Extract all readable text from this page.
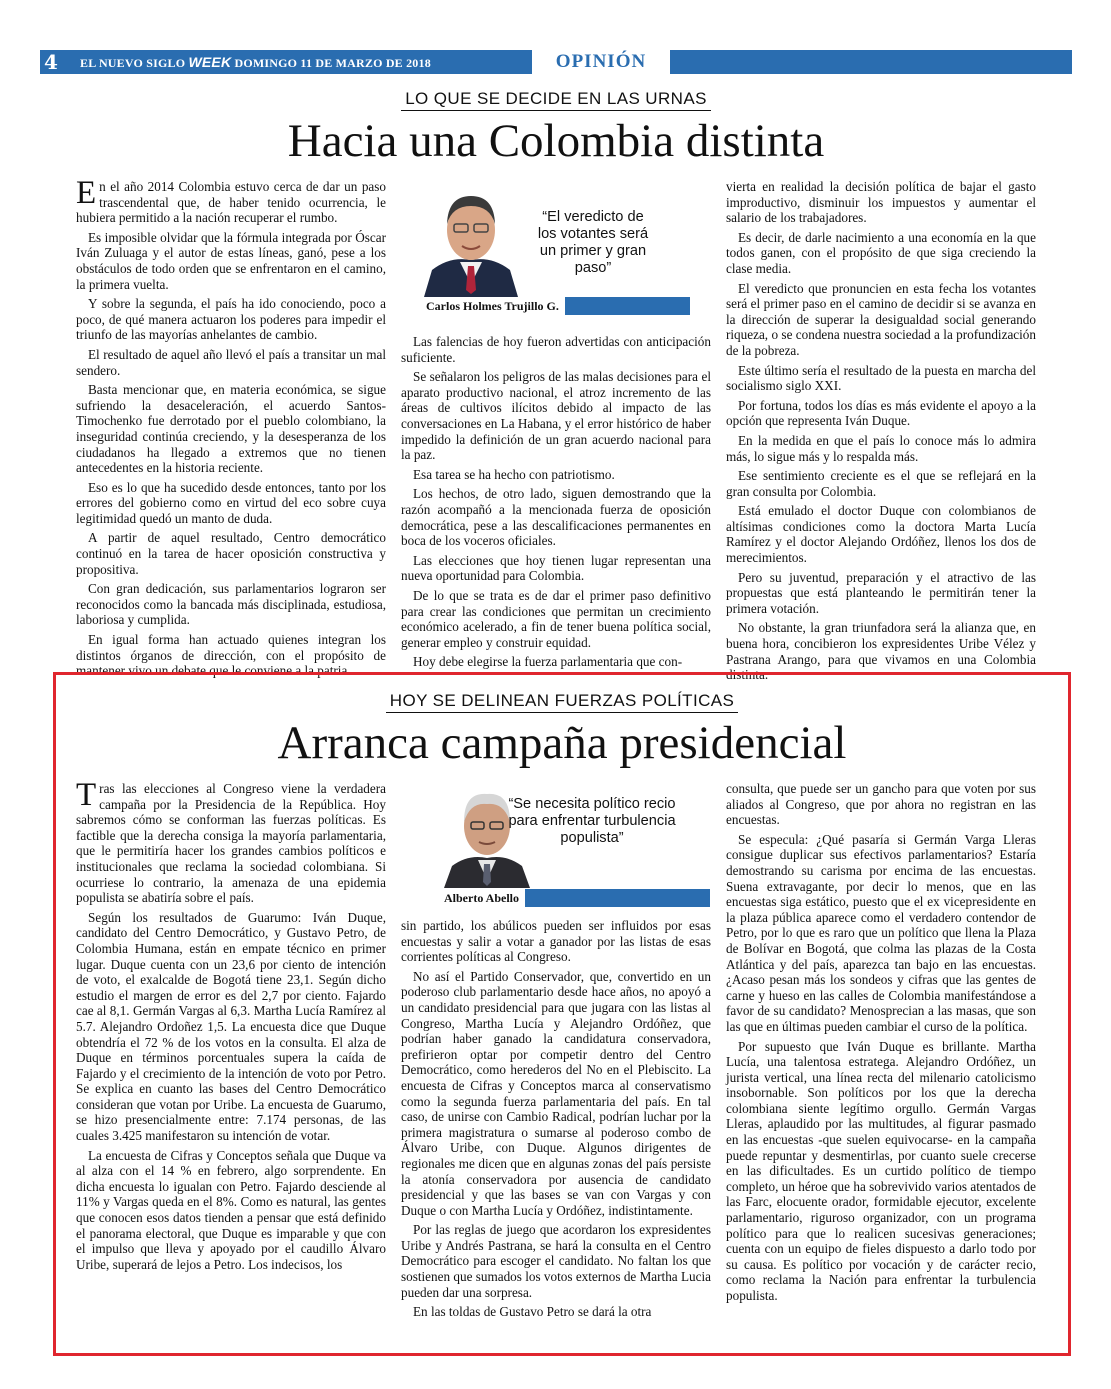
4 EL NUEVO SIGLO WEEK DOMINGO 11 DE MARZO DE 2018	OPINIÓN
LO QUE SE DECIDE EN LAS URNAS
Hacia una Colombia distinta

En el año 2014 Colombia estuvo cerca de dar un paso trascendental que, de haber tenido ocurrencia, le hubiera permitido a la nación recuperar el rumbo.

Es imposible olvidar que la fórmula integrada por Óscar Iván Zuluaga y el autor de estas líneas, ganó, pese a los obstáculos de todo orden que se enfrentaron en el camino, la primera vuelta.

Y sobre la segunda, el país ha ido conociendo, poco a poco, de qué manera actuaron los poderes para impedir el triunfo de las mayorías anhelantes de cambio.

El resultado de aquel año llevó el país a transitar un mal sendero.

Basta mencionar que, en materia económica, se sigue sufriendo la desaceleración, el acuerdo Santos-Timochenko fue derrotado por el pueblo colombiano, la inseguridad continúa creciendo, y la desesperanza de los ciudadanos ha llegado a extremos que no tienen antecedentes en la historia reciente.

Eso es lo que ha sucedido desde entonces, tanto por los errores del gobierno como en virtud del eco sobre cuya legitimidad quedó un manto de duda.

A partir de aquel resultado, Centro democrático continuó en la tarea de hacer oposición constructiva y propositiva.

Con gran dedicación, sus parlamentarios lograron ser reconocidos como la bancada más disciplinada, estudiosa, laboriosa y cumplida.

En igual forma han actuado quienes integran los distintos órganos de dirección, con el propósito de mantener vivo un debate que le conviene a la patria.

“El veredicto de los votantes será un primer y gran paso”
Carlos Holmes Trujillo G.

Las falencias de hoy fueron advertidas con anticipación suficiente.

Se señalaron los peligros de las malas decisiones para el aparato productivo nacional, el atroz incremento de las áreas de cultivos ilícitos debido al impacto de las conversaciones en La Habana, y el error histórico de haber impedido la definición de un gran acuerdo nacional para la paz.

Esa tarea se ha hecho con patriotismo.

Los hechos, de otro lado, siguen demostrando que la razón acompañó a la mencionada fuerza de oposición democrática, pese a las descalificaciones permanentes en boca de los voceros oficiales.

Las elecciones que hoy tienen lugar representan una nueva oportunidad para Colombia.

De lo que se trata es de dar el primer paso definitivo para crear las condiciones que permitan un crecimiento económico acelerado, a fin de tener buena política social, generar empleo y construir equidad.

Hoy debe elegirse la fuerza parlamentaria que con-

vierta en realidad la decisión política de bajar el gasto improductivo, disminuir los impuestos y aumentar el salario de los trabajadores.

Es decir, de darle nacimiento a una economía en la que todos ganen, con el propósito de que siga creciendo la clase media.

El veredicto que pronuncien en esta fecha los votantes será el primer paso en el camino de decidir si se avanza en la dirección de superar la desigualdad social generando riqueza, o se condena nuestra sociedad a la profundización de la pobreza.

Este último sería el resultado de la puesta en marcha del socialismo siglo XXI.

Por fortuna, todos los días es más evidente el apoyo a la opción que representa Iván Duque.

En la medida en que el país lo conoce más lo admira más, lo sigue más y lo respalda más.

Ese sentimiento creciente es el que se reflejará en la gran consulta por Colombia.

Está emulado el doctor Duque con colombianos de altísimas condiciones como la doctora Marta Lucía Ramírez y el doctor Alejando Ordóñez, llenos los dos de merecimientos.

Pero su juventud, preparación y el atractivo de las propuestas que está planteando le permitirán tener la primera votación.

No obstante, la gran triunfadora será la alianza que, en buena hora, concibieron los expresidentes Uribe Vélez y Pastrana Arango, para que vivamos en una Colombia distinta.

HOY SE DELINEAN FUERZAS POLÍTICAS
Arranca campaña presidencial

Tras las elecciones al Congreso viene la verdadera campaña por la Presidencia de la República. Hoy sabremos cómo se conforman las fuerzas políticas. Es factible que la derecha consiga la mayoría parlamentaria, que le permitiría hacer los grandes cambios políticos e institucionales que reclama la sociedad colombiana. Si ocurriese lo contrario, la amenaza de una epidemia populista se abatiría sobre el país.

Según los resultados de Guarumo: Iván Duque, candidato del Centro Democrático, y Gustavo Petro, de Colombia Humana, están en empate técnico en primer lugar. Duque cuenta con un 23,6 por ciento de intención de voto, el exalcalde de Bogotá tiene 23,1. Según dicho estudio el margen de error es del 2,7 por ciento. Fajardo cae al 8,1. Germán Vargas al 6,3. Martha Lucía Ramírez al 5.7. Alejandro Ordoñez 1,5. La encuesta dice que Duque obtendría el 72 % de los votos en la consulta. El alza de Duque en términos porcentuales supera la caída de Fajardo y el crecimiento de la intención de voto por Petro. Se explica en cuanto las bases del Centro Democrático consideran que votan por Uribe. La encuesta de Guarumo, se hizo presencialmente entre: 7.174 personas, de las cuales 3.425 manifestaron su intención de votar.

La encuesta de Cifras y Conceptos señala que Duque va al alza con el 14 % en febrero, algo sorprendente. En dicha encuesta lo igualan con Petro. Fajardo desciende al 11% y Vargas queda en el 8%. Como es natural, las gentes que conocen esos datos tienden a pensar que está definido el panorama electoral, que Duque es imparable y que con el impulso que lleva y apoyado por el caudillo Álvaro Uribe, superará de lejos a Petro. Los indecisos, los

“Se necesita político recio para enfrentar turbulencia populista”
Alberto Abello

sin partido, los abúlicos pueden ser influidos por esas encuestas y salir a votar a ganador por las listas de esas corrientes políticas al Congreso.

No así el Partido Conservador, que, convertido en un poderoso club parlamentario desde hace años, no apoyó a un candidato presidencial para que jugara con las listas al Congreso, Martha Lucía y Alejandro Ordóñez, que podrían haber ganado la candidatura conservadora, prefirieron optar por competir dentro del Centro Democrático, como herederos del No en el Plebiscito. La encuesta de Cifras y Conceptos marca al conservatismo como la segunda fuerza parlamentaria del país. En tal caso, de unirse con Cambio Radical, podrían luchar por la primera magistratura o sumarse al poderoso combo de Álvaro Uribe, con Duque. Algunos dirigentes de regionales me dicen que en algunas zonas del país persiste la atonía conservadora por ausencia de candidato presidencial y que las bases se van con Vargas y con Duque o con Martha Lucía y Ordóñez, indistintamente.

Por las reglas de juego que acordaron los expresidentes Uribe y Andrés Pastrana, se hará la consulta en el Centro Democrático para escoger el candidato. No faltan los que sostienen que sumados los votos externos de Martha Lucia pueden dar una sorpresa.

En las toldas de Gustavo Petro se dará la otra

consulta, que puede ser un gancho para que voten por sus aliados al Congreso, que por ahora no registran en las encuestas.

Se especula: ¿Qué pasaría si Germán Varga Lleras consigue duplicar sus efectivos parlamentarios? Estaría demostrando su carisma por encima de las encuestas. Suena extravagante, por decir lo menos, que en las encuestas siga estático, puesto que el ex vicepresidente en la plaza pública aparece como el verdadero contendor de Petro, por lo que es raro que un político que llena la Plaza de Bolívar en Bogotá, que colma las plazas de la Costa Atlántica y del país, aparezca tan bajo en las encuestas. ¿Acaso pesan más los sondeos y cifras que las gentes de carne y hueso en las calles de Colombia manifestándose a favor de su candidato? Menosprecian a las masas, que son las que en últimas pueden cambiar el curso de la política.

Por supuesto que Iván Duque es brillante. Martha Lucía, una talentosa estratega. Alejandro Ordóñez, un jurista vertical, una línea recta del milenario catolicismo insobornable. Son políticos por los que la derecha colombiana siente legítimo orgullo. Germán Vargas Lleras, aplaudido por las multitudes, al figurar pasmado en las encuestas -que suelen equivocarse- en la campaña puede repuntar y desmentirlas, por cuanto suele crecerse en las dificultades. Es un curtido político de tiempo completo, un héroe que ha sobrevivido varios atentados de las Farc, elocuente orador, formidable ejecutor, excelente parlamentario, riguroso organizador, con un programa político para que lo realicen sucesivas generaciones; cuenta con un equipo de fieles dispuesto a darlo todo por su causa. Es político por vocación y de carácter recio, como reclama la Nación para enfrentar la turbulencia populista.
